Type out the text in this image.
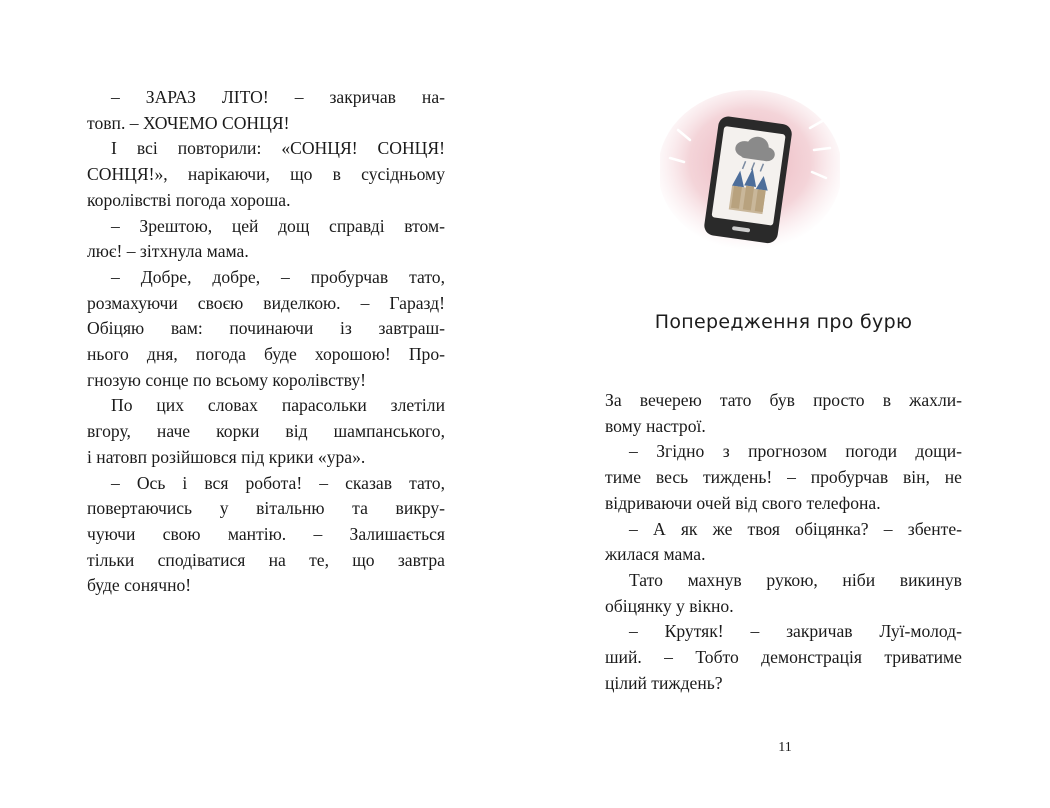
– ЗАРАЗ ЛІТО! – закричав на-
товп. – ХОЧЕМО СОНЦЯ!
І всі повторили: «СОНЦЯ! СОНЦЯ!
СОНЦЯ!», нарікаючи, що в сусідньому
королівстві погода хороша.
– Зрештою, цей дощ справді втом-
лює! – зітхнула мама.
– Добре, добре, – пробурчав тато,
розмахуючи своєю виделкою. – Гаразд!
Обіцяю вам: починаючи із завтраш-
нього дня, погода буде хорошою! Про-
гнозую сонце по всьому королівству!
По цих словах парасольки злетіли
вгору, наче корки від шампанського,
і натовп розійшовся під крики «ура».
– Ось і вся робота! – сказав тато,
повертаючись у вітальню та викру-
чуючи свою мантію. – Залишається
тільки сподіватися на те, що завтра
буде сонячно!
Попередження про бурю
За вечерею тато був просто в жахли-
вому настрої.
– Згідно з прогнозом погоди дощи-
тиме весь тиждень! – пробурчав він, не
відриваючи очей від свого телефона.
– А як же твоя обіцянка? – збенте-
жилася мама.
Тато махнув рукою, ніби викинув
обіцянку у вікно.
– Крутяк! – закричав Луї-молод-
ший. – Тобто демонстрація триватиме
цілий тиждень?
11
